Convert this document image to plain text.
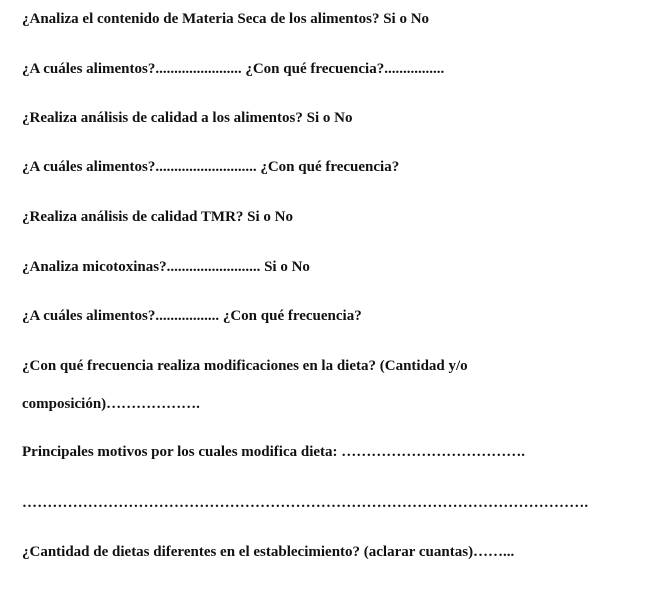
¿Analiza el contenido de Materia Seca de los alimentos? Si o No
¿A cuáles alimentos?....................... ¿Con qué frecuencia?................
¿Realiza análisis de calidad a los alimentos? Si o No
¿A cuáles alimentos?........................... ¿Con qué frecuencia?
¿Realiza análisis de calidad TMR? Si o No
¿Analiza micotoxinas?......................... Si o No
¿A cuáles alimentos?................. ¿Con qué frecuencia?
¿Con qué frecuencia realiza modificaciones en la dieta? (Cantidad y/o
composición)……………….
Principales motivos por los cuales modifica dieta: ……………………………….
………………………………………………………………………………………………….
¿Cantidad de dietas diferentes en el establecimiento? (aclarar cuantas)……...
